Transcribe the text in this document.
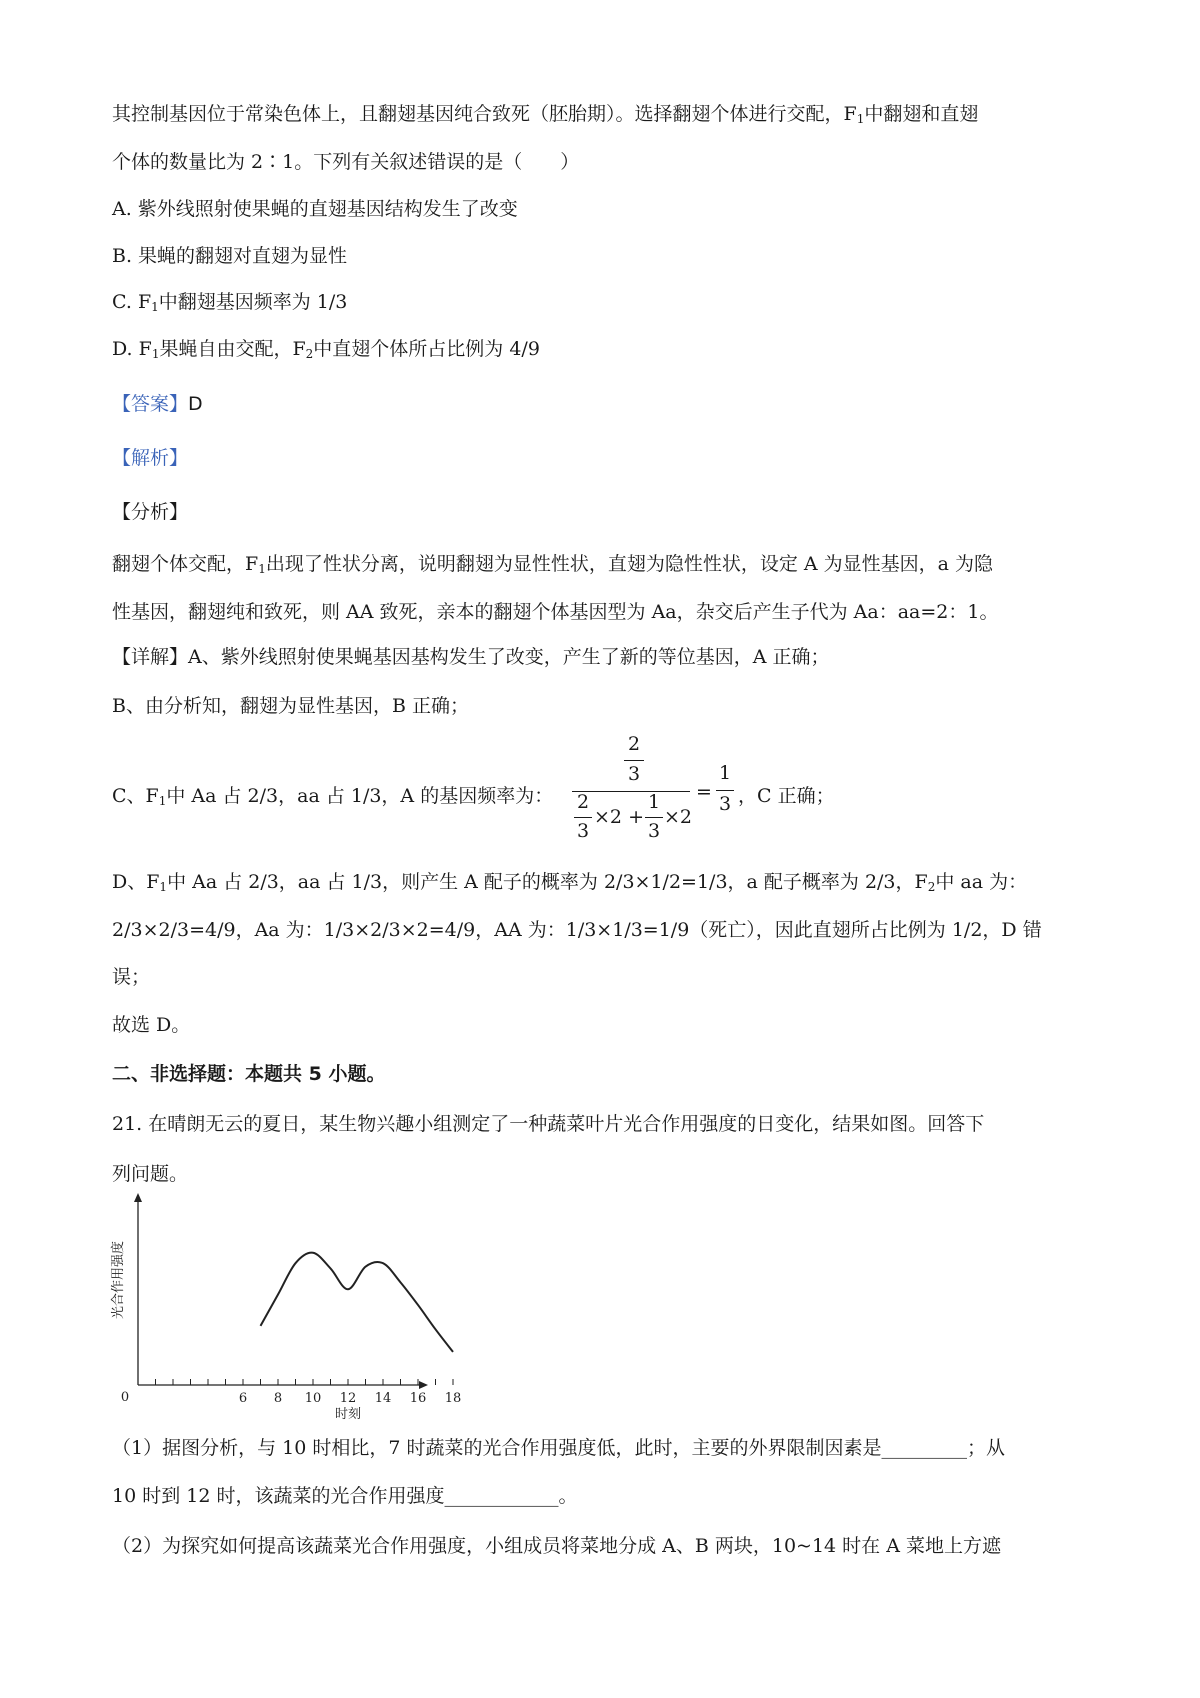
其控制基因位于常染色体上，且翻翅基因纯合致死（胚胎期）。选择翻翅个体进行交配，$F_1$中翻翅和直翅
个体的数量比为 2∶1。下列有关叙述错误的是（　　）
A. 紫外线照射使果蝇的直翅基因结构发生了改变
B. 果蝇的翻翅对直翅为显性
C. $F_1$中翻翅基因频率为 1/3
D. $F_1$果蝇自由交配，$F_2$中直翅个体所占比例为 4/9
【答案】D
【解析】
【分析】
翻翅个体交配，$F_1$出现了性状分离，说明翻翅为显性性状，直翅为隐性性状，设定 A 为显性基因，a 为隐
性基因，翻翅纯和致死，则 AA 致死，亲本的翻翅个体基因型为 Aa，杂交后产生子代为 Aa：aa=2：1。
【详解】A、紫外线照射使果蝇基因基构发生了改变，产生了新的等位基因，A 正确；
B、由分析知，翻翅为显性基因，B 正确；
C、$F_1$中 Aa 占 2/3，aa 占 1/3，A 的基因频率为：
2
3
2
3
×2 +
1
3
×2
=
1
3 ，C 正确；
D、$F_1$中 Aa 占 2/3，aa 占 1/3，则产生 A 配子的概率为 2/3×1/2=1/3，a 配子概率为 2/3，$F_2$中 aa 为：
2/3×2/3=4/9，Aa 为：1/3×2/3×2=4/9，AA 为：1/3×1/3=1/9（死亡），因此直翅所占比例为 1/2，D 错
误；
故选 D。
二、非选择题：本题共 5 小题。
21. 在晴朗无云的夏日，某生物兴趣小组测定了一种蔬菜叶片光合作用强度的日变化，结果如图。回答下
列问题。
6 8 10 12 14 16 18
0
时刻
光合作用强度
（1）据图分析，与 10 时相比，7 时蔬菜的光合作用强度低，此时，主要的外界限制因素是_________；从
10 时到 12 时，该蔬菜的光合作用强度____________。
（2）为探究如何提高该蔬菜光合作用强度，小组成员将菜地分成 A、B 两块，10~14 时在 A 菜地上方遮
